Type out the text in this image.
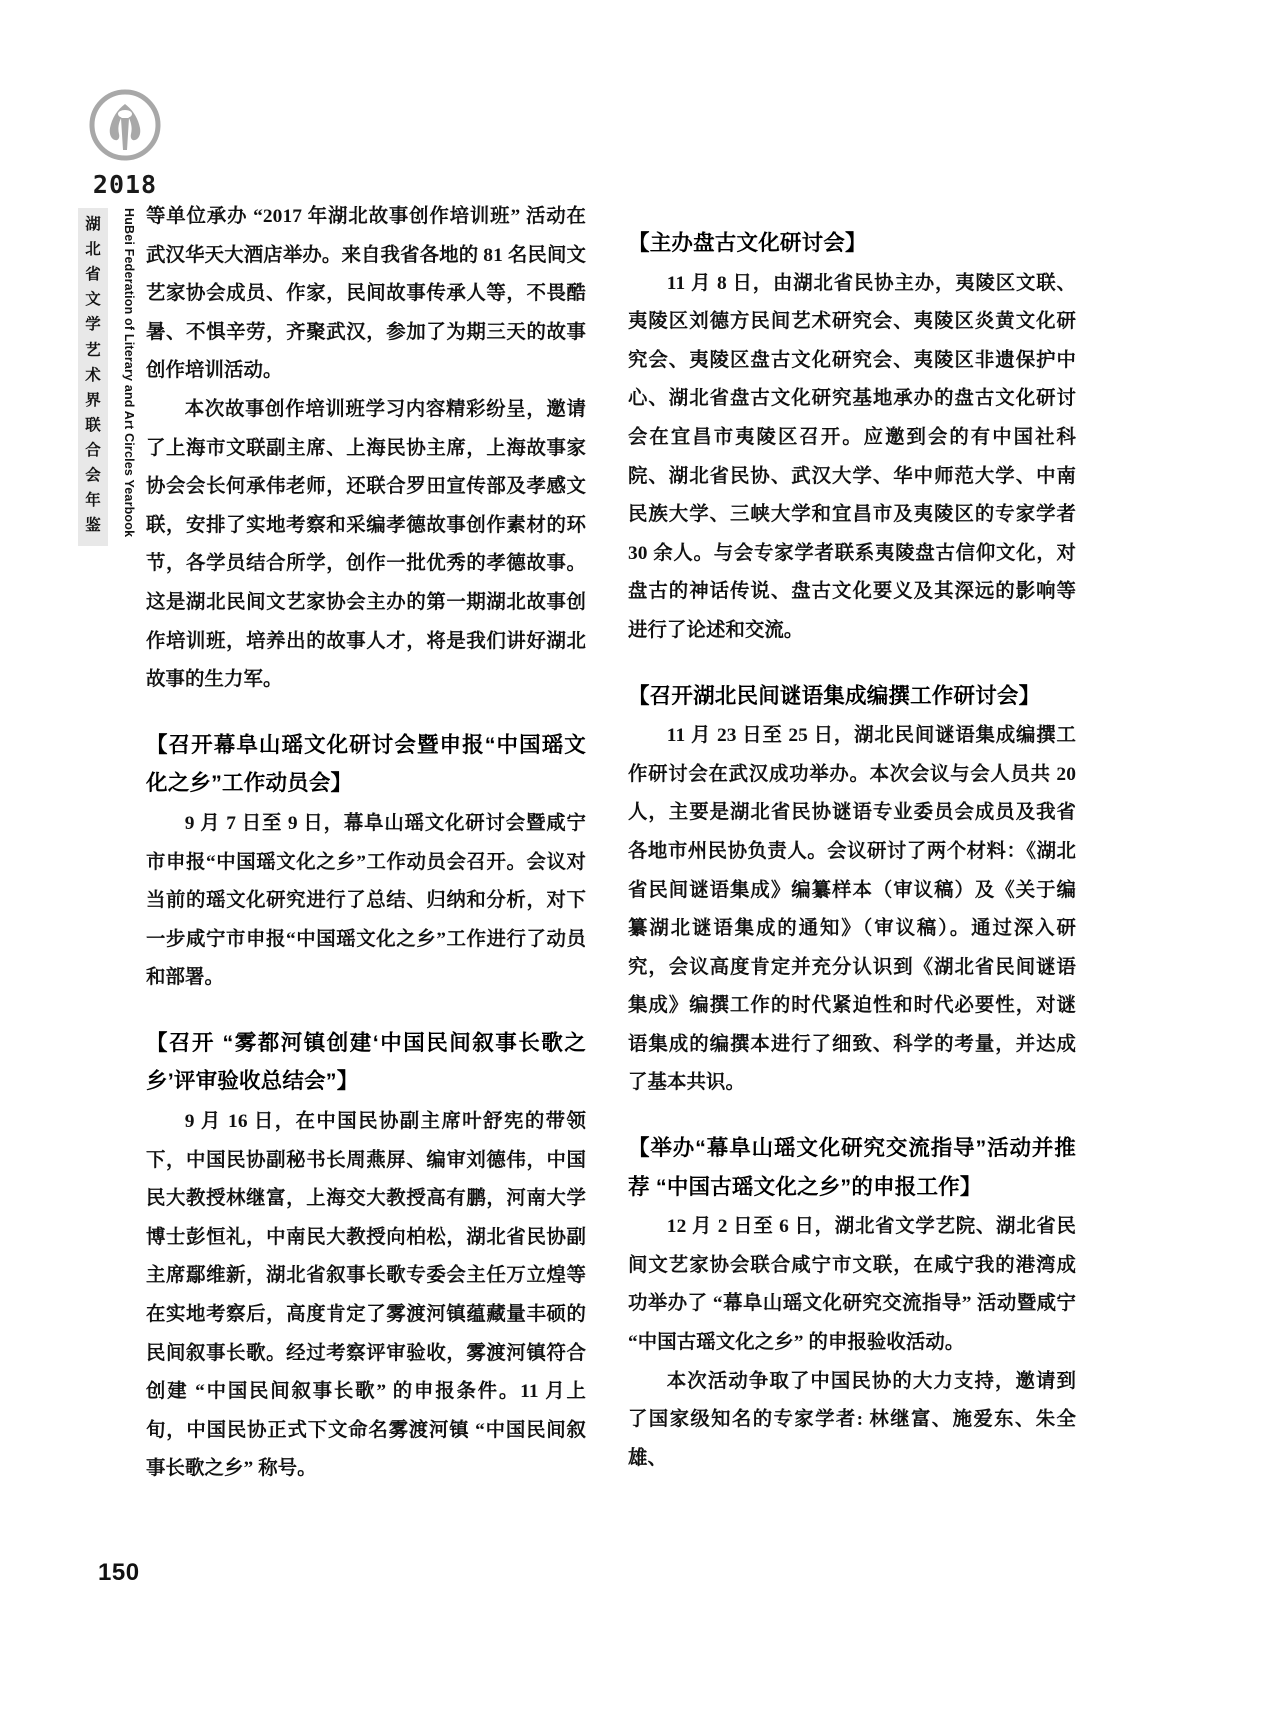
2018
湖北省文学艺术界联合会年鉴	HuBei Federation of Literary and Art Circles Yearbook 等单位承办 “2017 年湖北故事创作培训班” 活动在武汉华天大酒店举办。来自我省各地的 81 名民间文艺家协会成员、作家，民间故事传承人等，不畏酷暑、不惧辛劳，齐聚武汉，参加了为期三天的故事创作培训活动。

本次故事创作培训班学习内容精彩纷呈，邀请了上海市文联副主席、上海民协主席，上海故事家协会会长何承伟老师，还联合罗田宣传部及孝感文联，安排了实地考察和采编孝德故事创作素材的环节，各学员结合所学，创作一批优秀的孝德故事。这是湖北民间文艺家协会主办的第一期湖北故事创作培训班，培养出的故事人才，将是我们讲好湖北故事的生力军。

【召开幕阜山瑶文化研讨会暨申报“中国瑶文化之乡”工作动员会】

9 月 7 日至 9 日，幕阜山瑶文化研讨会暨咸宁市申报“中国瑶文化之乡”工作动员会召开。会议对当前的瑶文化研究进行了总结、归纳和分析，对下一步咸宁市申报“中国瑶文化之乡”工作进行了动员和部署。

【召开 “雾都河镇创建‘中国民间叙事长歌之乡’评审验收总结会”】

9 月 16 日，在中国民协副主席叶舒宪的带领下，中国民协副秘书长周燕屏、编审刘德伟，中国民大教授林继富，上海交大教授高有鹏，河南大学博士彭恒礼，中南民大教授向柏松，湖北省民协副主席鄢维新，湖北省叙事长歌专委会主任万立煌等在实地考察后，高度肯定了雾渡河镇蕴藏量丰硕的民间叙事长歌。经过考察评审验收，雾渡河镇符合创建 “中国民间叙事长歌” 的申报条件。11 月上旬，中国民协正式下文命名雾渡河镇 “中国民间叙事长歌之乡” 称号。

【主办盘古文化研讨会】

11 月 8 日，由湖北省民协主办，夷陵区文联、夷陵区刘德方民间艺术研究会、夷陵区炎黄文化研究会、夷陵区盘古文化研究会、夷陵区非遗保护中心、湖北省盘古文化研究基地承办的盘古文化研讨会在宜昌市夷陵区召开。应邀到会的有中国社科院、湖北省民协、武汉大学、华中师范大学、中南民族大学、三峡大学和宜昌市及夷陵区的专家学者 30 余人。与会专家学者联系夷陵盘古信仰文化，对盘古的神话传说、盘古文化要义及其深远的影响等进行了论述和交流。

【召开湖北民间谜语集成编撰工作研讨会】

11 月 23 日至 25 日，湖北民间谜语集成编撰工作研讨会在武汉成功举办。本次会议与会人员共 20 人，主要是湖北省民协谜语专业委员会成员及我省各地市州民协负责人。会议研讨了两个材料：《湖北省民间谜语集成》编纂样本（审议稿）及《关于编纂湖北谜语集成的通知》（审议稿）。通过深入研究，会议高度肯定并充分认识到《湖北省民间谜语集成》编撰工作的时代紧迫性和时代必要性，对谜语集成的编撰本进行了细致、科学的考量，并达成了基本共识。

【举办“幕阜山瑶文化研究交流指导”活动并推荐 “中国古瑶文化之乡”的申报工作】

12 月 2 日至 6 日，湖北省文学艺院、湖北省民间文艺家协会联合咸宁市文联，在咸宁我的港湾成功举办了 “幕阜山瑶文化研究交流指导” 活动暨咸宁 “中国古瑶文化之乡” 的申报验收活动。

本次活动争取了中国民协的大力支持，邀请到了国家级知名的专家学者: 林继富、施爱东、朱全雄、

150
